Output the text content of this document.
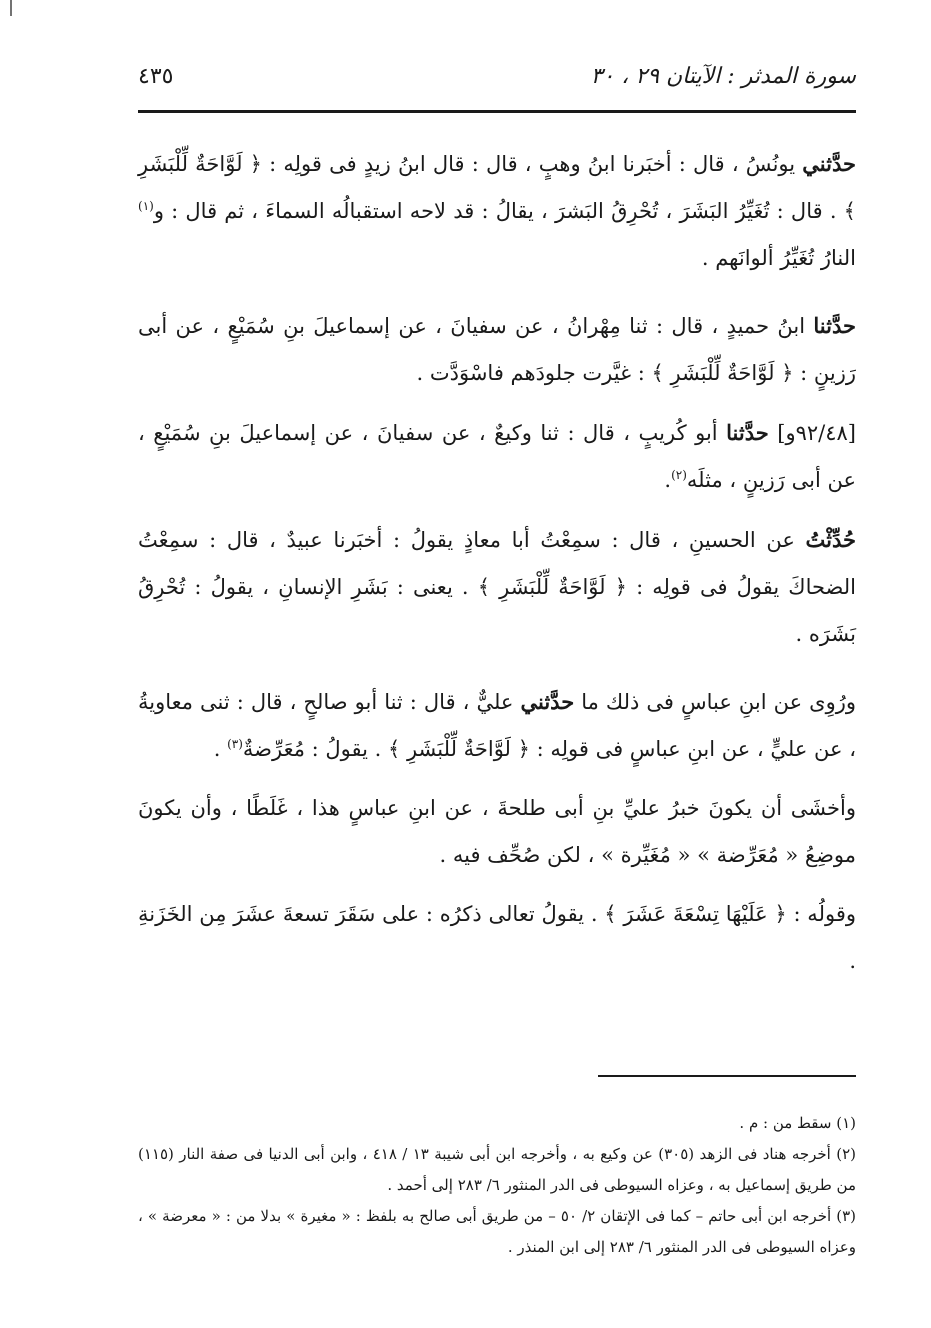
سورة المدثر : الآيتان ٢٩ ، ٣٠
٤٣٥

حدَّثني يونُسُ ، قال : أخبَرنا ابنُ وهبٍ ، قال : قال ابنُ زيدٍ فى قولِه : ﴿ لَوَّاحَةٌ لِّلْبَشَرِ ﴾ . قال : تُغَيِّرُ البَشَرَ ، تُحْرِقُ البَشرَ ، يقالُ : قد لاحه استقبالُه السماءَ ، ثم قال : و$^{(١)}$ النارُ تُغَيِّرُ ألوانَهم .

حدَّثنا ابنُ حميدٍ ، قال : ثنا مِهْرانُ ، عن سفيانَ ، عن إسماعيلَ بنِ سُمَيْعٍ ، عن أبى رَزينٍ : ﴿ لَوَّاحَةٌ لِّلْبَشَرِ ﴾ : غيَّرت جلودَهم فاسْوَدَّت .

[٩٢/٤٨و] حدَّثنا أبو كُريبٍ ، قال : ثنا وكيعٌ ، عن سفيانَ ، عن إسماعيلَ بنِ سُمَيْعٍ ، عن أبى رَزينٍ ، مثلَه$^{(٢)}$.

حُدِّثْتُ عن الحسينِ ، قال : سمِعْتُ أبا معاذٍ يقولُ : أخبَرنا عبيدٌ ، قال : سمِعْتُ الضحاكَ يقولُ فى قولِه : ﴿ لَوَّاحَةٌ لِّلْبَشَرِ ﴾ . يعنى : بَشَرِ الإنسانِ ، يقولُ : تُحْرِقُ بَشَرَه .

ورُوِى عن ابنِ عباسٍ فى ذلك ما حدَّثني عليٌّ ، قال : ثنا أبو صالحٍ ، قال : ثنى معاويةُ ، عن عليٍّ ، عن ابنِ عباسٍ فى قولِه : ﴿ لَوَّاحَةٌ لِّلْبَشَرِ ﴾ . يقولُ : مُعَرِّضةٌ$^{(٣)}$ .

وأخشَى أن يكونَ خبرُ عليِّ بنِ أبى طلحةَ ، عن ابنِ عباسٍ هذا ، غَلَطًا ، وأن يكونَ موضِعُ « مُعَرِّضة » « مُغَيِّرة » ، لكن صُحِّف فيه .

وقولُه : ﴿ عَلَيْهَا تِسْعَةَ عَشَرَ ﴾ . يقولُ تعالى ذكرُه : على سَقَرَ تسعةَ عشَرَ مِن الخَزَنةِ .

(١) سقط من : م .

(٢) أخرجه هناد فى الزهد (٣٠٥) عن وكيع به ، وأخرجه ابن أبى شيبة ١٣ / ٤١٨ ، وابن أبى الدنيا فى صفة النار (١١٥) من طريق إسماعيل به ، وعزاه السيوطى فى الدر المنثور ٦/ ٢٨٣ إلى أحمد .

(٣) أخرجه ابن أبى حاتم – كما فى الإتقان ٢/ ٥٠ – من طريق أبى صالح به بلفظ : « مغيرة » بدلا من : « معرضة » ، وعزاه السيوطى فى الدر المنثور ٦/ ٢٨٣ إلى ابن المنذر .
